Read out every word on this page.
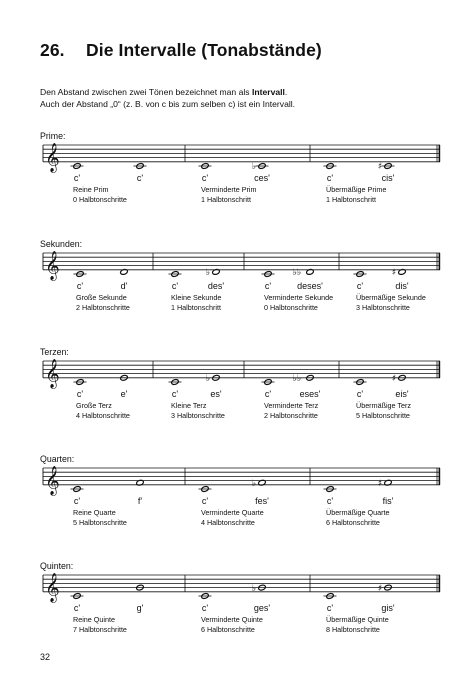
26. Die Intervalle (Tonabstände)
Den Abstand zwischen zwei Tönen bezeichnet man als Intervall.
Auch der Abstand „0“ (z. B. von c bis zum selben c) ist ein Intervall.
Prime:
𝄞	♭	♯
c'	c'
Reine Prim
0 Halbtonschritte
c'	ces'
Verminderte Prim
1 Halbtonschritt
c'	cis'
Übermäßige Prime
1 Halbtonschritt
Sekunden:
𝄞	♭	♭♭	♯
c'	d'
Große Sekunde
2 Halbtonschritte
c'	des'
Kleine Sekunde
1 Halbtonschritt
c'	deses'
Verminderte Sekunde
0 Halbtonschritte
c'	dis'
Übermäßige Sekunde
3 Halbtonschritte
Terzen:
𝄞	♭	♭♭	♯
c'	e'
Große Terz
4 Halbtonschritte
c'	es'
Kleine Terz
3 Halbtonschritte
c'	eses'
Verminderte Terz
2 Halbtonschritte
c'	eis'
Übermäßige Terz
5 Halbtonschritte
Quarten:
𝄞	♭	♯
c'	f'
Reine Quarte
5 Halbtonschritte
c'	fes'
Verminderte Quarte
4 Halbtonschritte
c'	fis'
Übermäßige Quarte
6 Halbtonschritte
Quinten:
𝄞	♭	♯
c'	g'
Reine Quinte
7 Halbtonschritte
c'	ges'
Verminderte Quinte
6 Halbtonschritte
c'	gis'
Übermäßige Quinte
8 Halbtonschritte
32
